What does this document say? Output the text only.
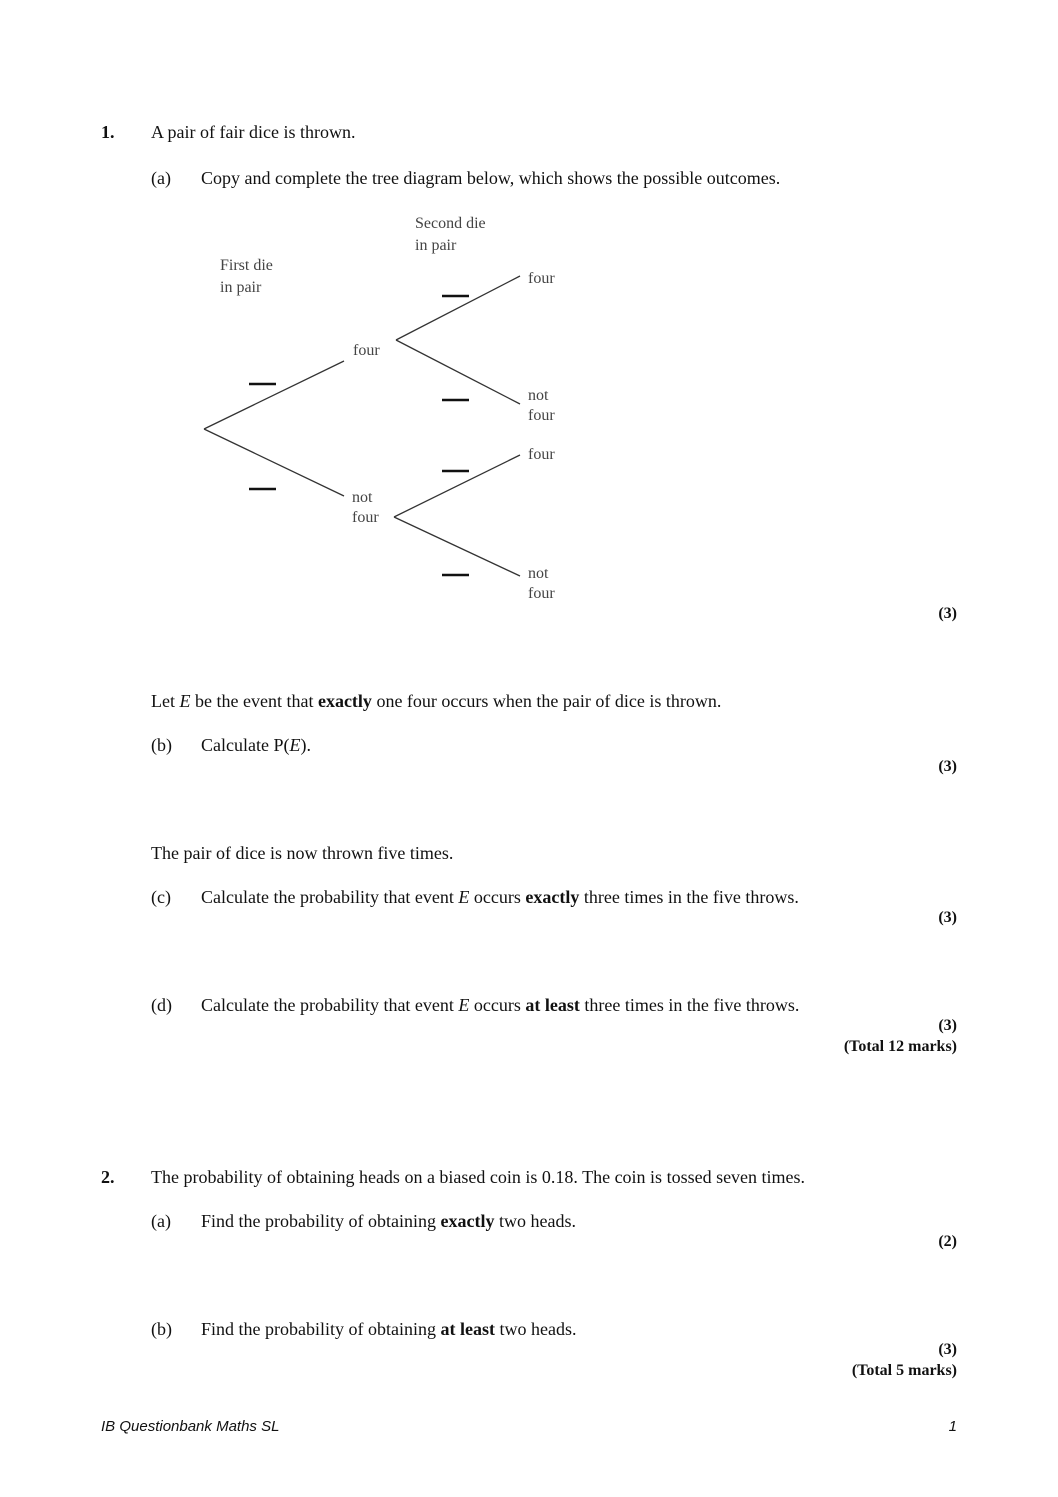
1. A pair of fair dice is thrown.
(a) Copy and complete the tree diagram below, which shows the possible outcomes.
First die
in pair
Second die
in pair
four
not
four
four
not
four
four
not
four
(3)
Let E be the event that exactly one four occurs when the pair of dice is thrown.
(b) Calculate P(E).
(3)
The pair of dice is now thrown five times.
(c) Calculate the probability that event E occurs exactly three times in the five throws.
(3)
(d) Calculate the probability that event E occurs at least three times in the five throws.
(3)
(Total 12 marks)
2. The probability of obtaining heads on a biased coin is 0.18. The coin is tossed seven times.
(a) Find the probability of obtaining exactly two heads.
(2)
(b) Find the probability of obtaining at least two heads.
(3)
(Total 5 marks)
IB Questionbank Maths SL	1
